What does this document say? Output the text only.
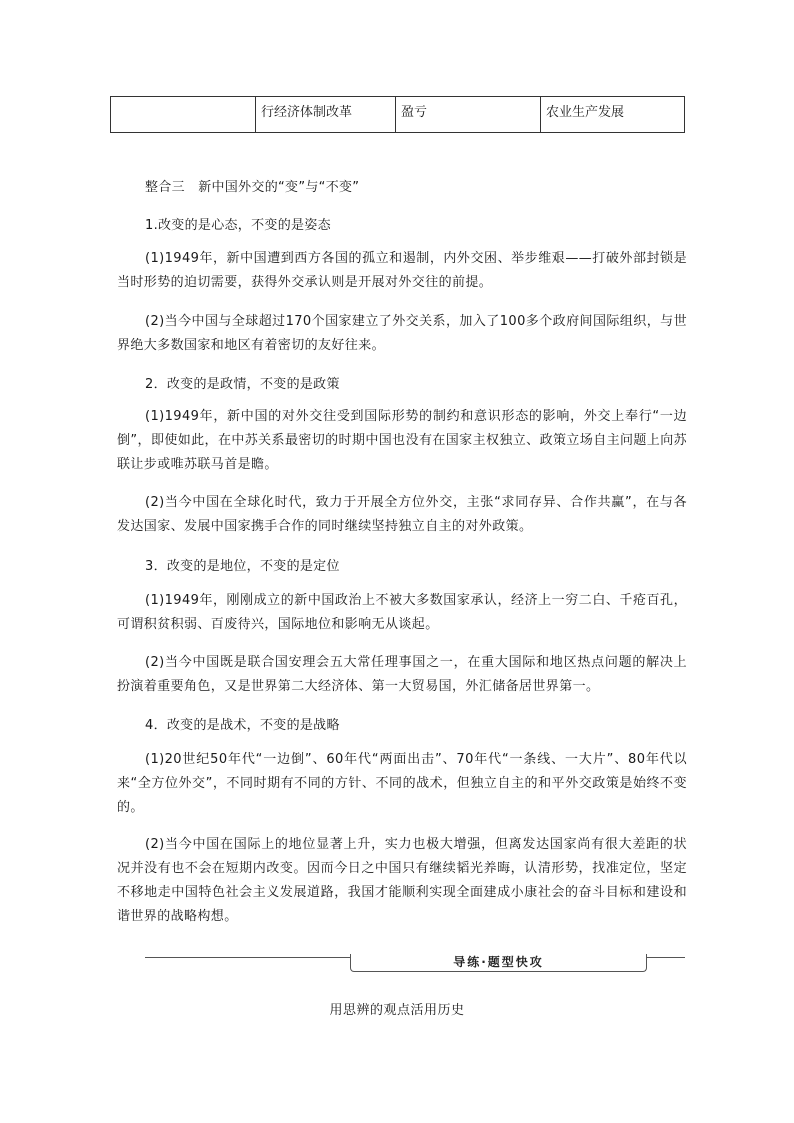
	行经济体制改革	盈亏	农业生产发展
整合三　新中国外交的“变”与“不变”
1.改变的是心态，不变的是姿态
(1)1949年，新中国遭到西方各国的孤立和遏制，内外交困、举步维艰——打破外部封锁是当时形势的迫切需要，获得外交承认则是开展对外交往的前提。
(2)当今中国与全球超过170个国家建立了外交关系，加入了100多个政府间国际组织，与世界绝大多数国家和地区有着密切的友好往来。
2．改变的是政情，不变的是政策
(1)1949年，新中国的对外交往受到国际形势的制约和意识形态的影响，外交上奉行“一边倒”，即使如此，在中苏关系最密切的时期中国也没有在国家主权独立、政策立场自主问题上向苏联让步或唯苏联马首是瞻。
(2)当今中国在全球化时代，致力于开展全方位外交，主张“求同存异、合作共赢”，在与各发达国家、发展中国家携手合作的同时继续坚持独立自主的对外政策。
3．改变的是地位，不变的是定位
(1)1949年，刚刚成立的新中国政治上不被大多数国家承认，经济上一穷二白、千疮百孔，可谓积贫积弱、百废待兴，国际地位和影响无从谈起。
(2)当今中国既是联合国安理会五大常任理事国之一，在重大国际和地区热点问题的解决上扮演着重要角色，又是世界第二大经济体、第一大贸易国，外汇储备居世界第一。
4．改变的是战术，不变的是战略
(1)20世纪50年代“一边倒”、60年代“两面出击”、70年代“一条线、一大片”、80年代以来“全方位外交”，不同时期有不同的方针、不同的战术，但独立自主的和平外交政策是始终不变的。
(2)当今中国在国际上的地位显著上升，实力也极大增强，但离发达国家尚有很大差距的状况并没有也不会在短期内改变。因而今日之中国只有继续韬光养晦，认清形势，找准定位，坚定不移地走中国特色社会主义发展道路，我国才能顺利实现全面建成小康社会的奋斗目标和建设和谐世界的战略构想。
导练·题型快攻
用思辨的观点活用历史
